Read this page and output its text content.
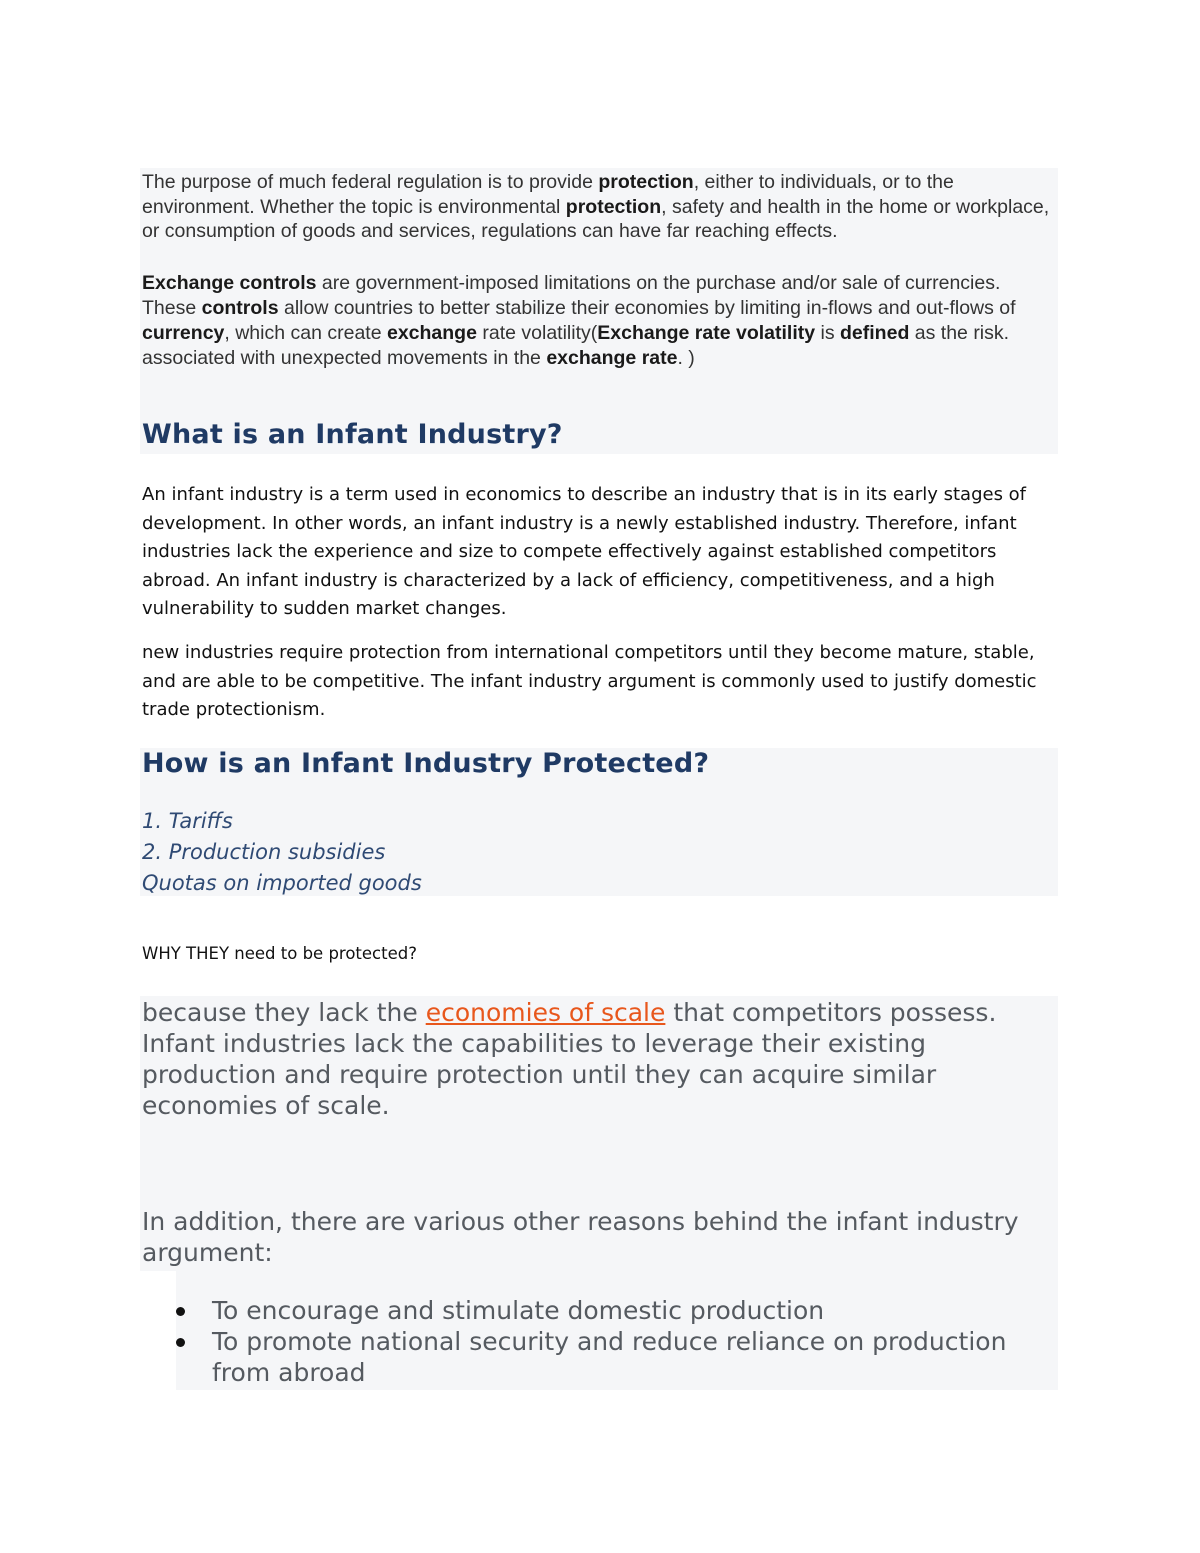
The purpose of much federal regulation is to provide protection, either to individuals, or to the environment. Whether the topic is environmental protection, safety and health in the home or workplace, or consumption of goods and services, regulations can have far reaching effects.

Exchange controls are government-imposed limitations on the purchase and/or sale of currencies. These controls allow countries to better stabilize their economies by limiting in-flows and out-flows of currency, which can create exchange rate volatility(Exchange rate volatility is defined as the risk. associated with unexpected movements in the exchange rate. )

What is an Infant Industry?

An infant industry is a term used in economics to describe an industry that is in its early stages of development. In other words, an infant industry is a newly established industry. Therefore, infant industries lack the experience and size to compete effectively against established competitors abroad. An infant industry is characterized by a lack of efficiency, competitiveness, and a high vulnerability to sudden market changes.

new industries require protection from international competitors until they become mature, stable, and are able to be competitive. The infant industry argument is commonly used to justify domestic trade protectionism.

How is an Infant Industry Protected?
1. Tariffs
2. Production subsidies
Quotas on imported goods
WHY THEY need to be protected?

because they lack the economies of scale that competitors possess. Infant industries lack the capabilities to leverage their existing production and require protection until they can acquire similar economies of scale.

In addition, there are various other reasons behind the infant industry argument:

To encourage and stimulate domestic production
To promote national security and reduce reliance on production from abroad
